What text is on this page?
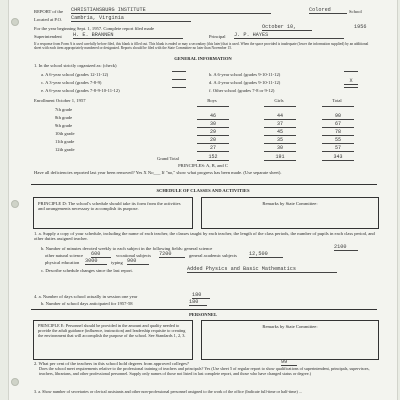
REPORT of the CHRISTIANSBURG INSTITUTE	Colored	School
Located at P.O. Cambria, Virginia
For the year beginning Sept. 1, 1957. Complete report filed made	October 10,	1956
Superintendent H. E. BRANNEN	Principal J. P. HAYES
If a response from Form A is used carefully before filed, this blank is filled out. This blank is ended or may a secondary (this later) that is used. When the space provided is inadequate (lower the information supplied) by an additional sheet with each item appropriately numbered or designated. Reports should be filed with the State Committee no later than November 15.
GENERAL INFORMATION
1. In the school strictly organized as: (check)
a. A 6-year school (grades 12-11-12)	b. A 6-year school (grades 9-10-11-12)
c. A 3-year school (grades 7-8-9)	d. A 4-year school (grades 9-10-11-12)	X
e. A 6-year school (grades 7-8-9-10-11-12)	f. Other school (grades 7-8 or 9-12)
Enrollment October 1, 1957	Boys	Girls	Total
7th grade
8th grade	46	44	90
9th grade	30	37	67
10th grade	29	45	78
11th grade	20	35	55
12th grade	27	30	57
Grand Total	152	191	343
PRINCIPLES: A, B, and C
Have all deficiencies reported last year been removed? Yes X No___ If "no," show what progress has been made. (Use separate sheet).
SCHEDULE OF CLASSES AND ACTIVITIES
PRINCIPLE D: The school's schedule should take its form from the activities and arrangements necessary to accomplish its purpose.
Remarks by State Committee:
1. a. Supply a copy of your schedule, including the name of each teacher, the classes taught by each teacher, the length of the class periods, the number of pupils in each class period, and other duties assigned teacher.
b. Number of minutes devoted weekly to each subject in the following fields: general science	2100
other natural science 600	vocational subjects 7200	general academic subjects 12,500
physical education 3000	typing 900
c. Describe schedule changes since the last report.	Added Physics and Basic Mathematics
4. a. Number of days school actually in session one year	180
b. Number of school days anticipated for 1957-58	180
PERSONNEL
PRINCIPLE E: Personnel should be provided in the amount and quality needed to provide the adult guidance (influence, instruction) and leadership requisite to creating the environment that will accomplish the purpose of the school. See Standards 1, 2, 3.
Remarks by State Committee:
2. What per cent of the teachers in this school hold degrees from approved colleges?	99
Does the school meet requirements relative to the professional training of teachers and principals? Yes (Use sheet 5 of regular report to show qualifications of superintendent, principals, supervisors, teachers, librarians, and other professional personnel. Supply only names of those not listed in last complete report, and those who have changed status or degree.)
3. a. Show number of secretaries or clerical assistants and other non-professional personnel assigned to the work of the office (Indicate full-time or half-time) ...
